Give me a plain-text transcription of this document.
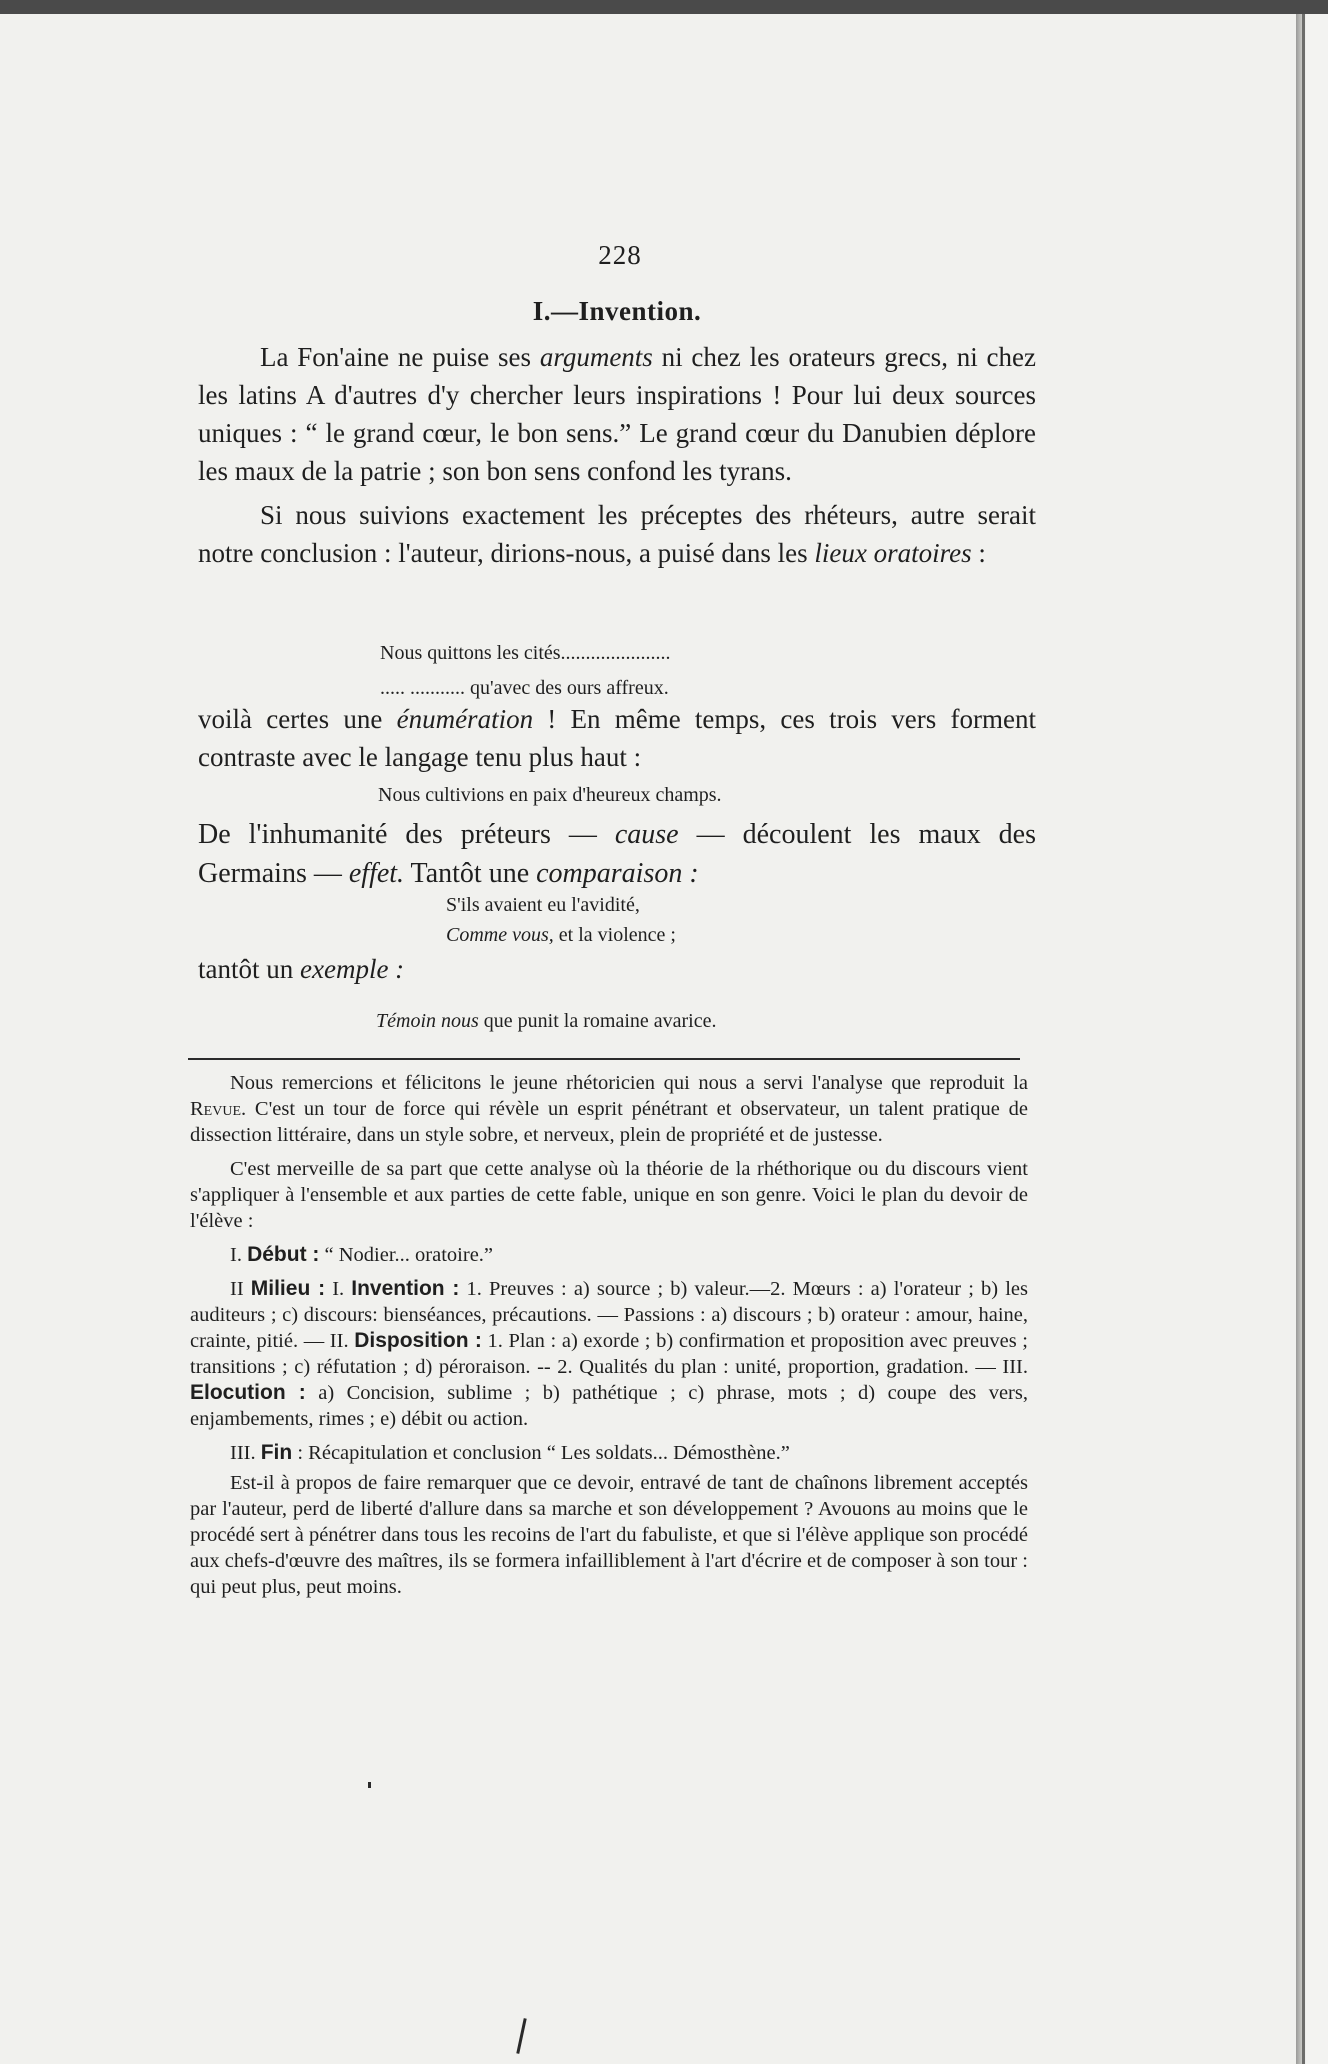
228
I.—Invention.

La Fon'aine ne puise ses arguments ni chez les orateurs grecs, ni chez les latins A d'autres d'y chercher leurs inspirations ! Pour lui deux sources uniques : “ le grand cœur, le bon sens.” Le grand cœur du Danubien déplore les maux de la patrie ; son bon sens confond les tyrans.

Si nous suivions exactement les préceptes des rhéteurs, autre serait notre conclusion : l'auteur, dirions-nous, a puisé dans les lieux oratoires :

Nous quittons les cités......................
..... ........... qu'avec des ours affreux.

voilà certes une énumération ! En même temps, ces trois vers forment contraste avec le langage tenu plus haut :

Nous cultivions en paix d'heureux champs.

De l'inhumanité des préteurs — cause — découlent les maux des Germains — effet. Tantôt une comparaison :

S'ils avaient eu l'avidité,
Comme vous, et la violence ;

tantôt un exemple :

Témoin nous que punit la romaine avarice.

Nous remercions et félicitons le jeune rhétoricien qui nous a servi l'analyse que reproduit la Revue. C'est un tour de force qui révèle un esprit pénétrant et observateur, un talent pratique de dissection littéraire, dans un style sobre, et nerveux, plein de propriété et de justesse.

C'est merveille de sa part que cette analyse où la théorie de la rhéthorique ou du discours vient s'appliquer à l'ensemble et aux parties de cette fable, unique en son genre. Voici le plan du devoir de l'élève :

I. Début : “ Nodier... oratoire.”

II Milieu : I. Invention : 1. Preuves : a) source ; b) valeur.—2. Mœurs : a) l'orateur ; b) les auditeurs ; c) discours: bienséances, précautions. — Passions : a) discours ; b) orateur : amour, haine, crainte, pitié. — II. Disposition : 1. Plan : a) exorde ; b) confirmation et proposition avec preuves ; transitions ; c) réfutation ; d) péroraison. -- 2. Qualités du plan : unité, proportion, gradation. — III. Elocution : a) Concision, sublime ; b) pathétique ; c) phrase, mots ; d) coupe des vers, enjambements, rimes ; e) débit ou action.

III. Fin : Récapitulation et conclusion “ Les soldats... Démosthène.”

Est-il à propos de faire remarquer que ce devoir, entravé de tant de chaînons librement acceptés par l'auteur, perd de liberté d'allure dans sa marche et son développement ? Avouons au moins que le procédé sert à pénétrer dans tous les recoins de l'art du fabuliste, et que si l'élève applique son procédé aux chefs-d'œuvre des maîtres, ils se formera infailliblement à l'art d'écrire et de composer à son tour : qui peut plus, peut moins.
